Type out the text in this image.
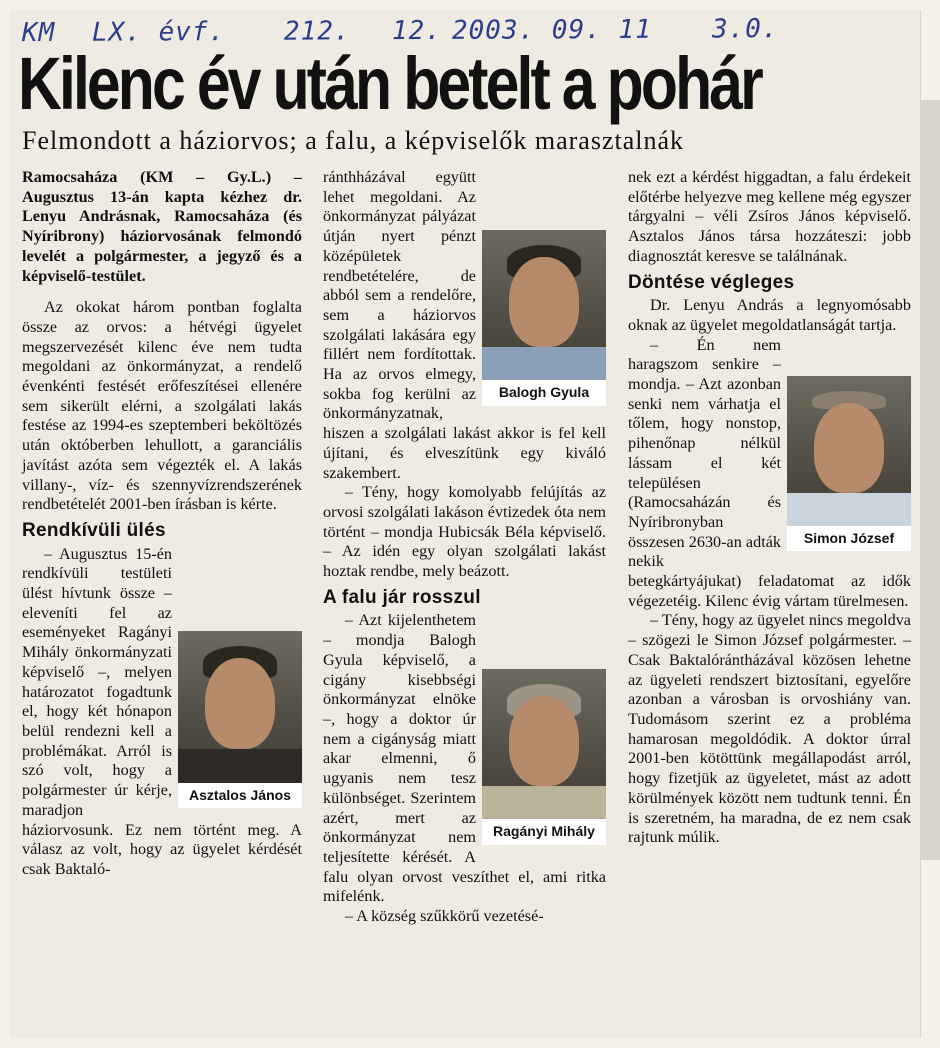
KM LX. évf. 212. 12. 2003. 09. 11 3.0.
Kilenc év után betelt a pohár
Felmondott a háziorvos; a falu, a képviselők marasztalnák

Ramocsaháza (KM – Gy.L.) – Augusztus 13-án kapta kézhez dr. Lenyu Andrásnak, Ramocsaháza (és Nyíribrony) háziorvosának felmondó levelét a polgármester, a jegyző és a képviselő-testület.

Az okokat három pontban foglalta össze az orvos: a hétvégi ügyelet megszervezését kilenc éve nem tudta megoldani az önkormányzat, a rendelő évenkénti festését erőfeszítései ellenére sem sikerült elérni, a szolgálati lakás festése az 1994-es szeptemberi beköltözés után októberben lehullott, a garanciális javítást azóta sem végezték el. A lakás villany-, víz- és szennyvízrendszerének rendbetételét 2001-ben írásban is kérte.

Rendkívüli ülés
Asztalos János

– Augusztus 15-én rendkívüli testületi ülést hívtunk össze – eleveníti fel az eseményeket Ragányi Mihály önkormányzati képviselő –, melyen határozatot fogadtunk el, hogy két hónapon belül rendezni kell a problémákat. Arról is szó volt, hogy a polgármester úr kérje, maradjon háziorvosunk. Ez nem történt meg. A válasz az volt, hogy az ügyelet kérdését csak Baktaló-

Balogh Gyula

ránthházával együtt lehet megoldani. Az önkormányzat pályázat útján nyert pénzt középületek rendbetételére, de abból sem a rendelőre, sem a háziorvos szolgálati lakására egy fillért nem fordítottak. Ha az orvos elmegy, sokba fog kerülni az önkormányzatnak, hiszen a szolgálati lakást akkor is fel kell újítani, és elveszítünk egy kiváló szakembert.

– Tény, hogy komolyabb felújítás az orvosi szolgálati lakáson évtizedek óta nem történt – mondja Hubicsák Béla képviselő. – Az idén egy olyan szolgálati lakást hoztak rendbe, mely beázott.

A falu jár rosszul
Ragányi Mihály

– Azt kijelenthetem – mondja Balogh Gyula képviselő, a cigány kisebbségi önkormányzat elnöke –, hogy a doktor úr nem a cigányság miatt akar elmenni, ő ugyanis nem tesz különbséget. Szerintem azért, mert az önkormányzat nem teljesítette kérését. A falu olyan orvost veszíthet el, ami ritka mifelénk.

– A község szűkkörű vezetésé-

nek ezt a kérdést higgadtan, a falu érdekeit előtérbe helyezve meg kellene még egyszer tárgyalni – véli Zsíros János képviselő. Asztalos János társa hozzáteszi: jobb diagnosztát keresve se találnának.

Döntése végleges

Dr. Lenyu András a legnyomósabb oknak az ügyelet megoldatlanságát tartja.

Simon József

– Én nem haragszom senkire – mondja. – Azt azonban senki nem várhatja el tőlem, hogy nonstop, pihenőnap nélkül lássam el két településen (Ramocsaházán és Nyíribronyban összesen 2630-an adták nekik betegkártyájukat) feladatomat az idők végezetéig. Kilenc évig vártam türelmesen.

– Tény, hogy az ügyelet nincs megoldva – szögezi le Simon József polgármester. – Csak Baktalórántházával közösen lehetne az ügyeleti rendszert biztosítani, egyelőre azonban a városban is orvoshiány van. Tudomásom szerint ez a probléma hamarosan megoldódik. A doktor úrral 2001-ben kötöttünk megállapodást arról, hogy fizetjük az ügyeletet, mást az adott körülmények között nem tudtunk tenni. Én is szeretném, ha maradna, de ez nem csak rajtunk múlik.
